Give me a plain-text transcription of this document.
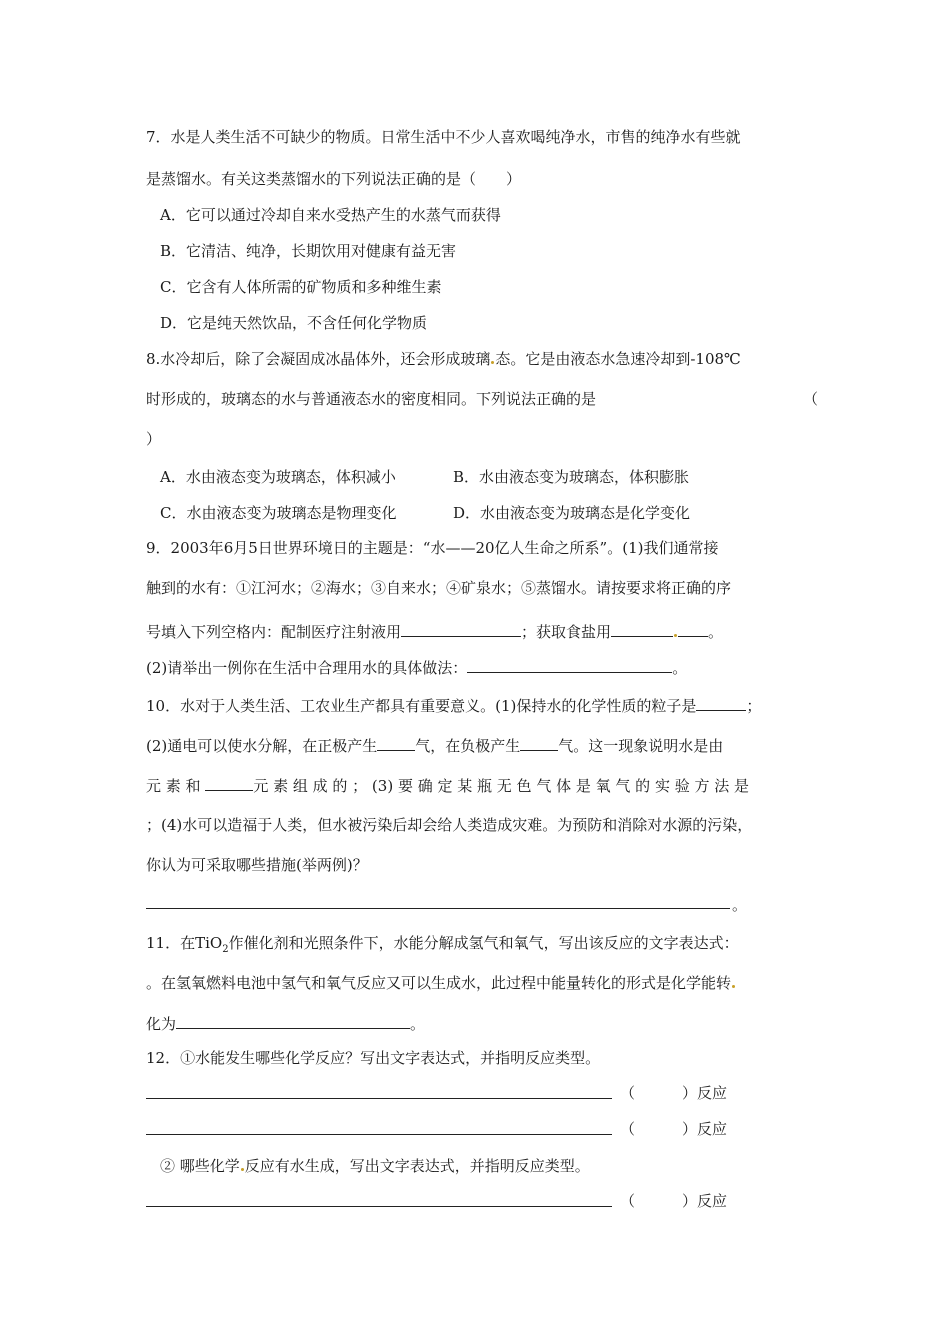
7．水是人类生活不可缺少的物质。日常生活中不少人喜欢喝纯净水，市售的纯净水有些就
是蒸馏水。有关这类蒸馏水的下列说法正确的是（　　）
A．它可以通过冷却自来水受热产生的水蒸气而获得
B．它清洁、纯净，长期饮用对健康有益无害
C．它含有人体所需的矿物质和多种维生素
D．它是纯天然饮品，不含任何化学物质
8.水冷却后，除了会凝固成冰晶体外，还会形成玻璃 态。它是由液态水急速冷却到-108℃
时形成的，玻璃态的水与普通液态水的密度相同。下列说法正确的是	（
）
A．水由液态变为玻璃态，体积减小	B．水由液态变为玻璃态，体积膨胀
C．水由液态变为玻璃态是物理变化	D．水由液态变为玻璃态是化学变化
9．2003年6月5日世界环境日的主题是：“水——20亿人生命之所系”。(1)我们通常接
触到的水有：①江河水；②海水；③自来水；④矿泉水；⑤蒸馏水。请按要求将正确的序
号填入下列空格内：配制医疗注射液用	；获取食盐用	。
(2)请举出一例你在生活中合理用水的具体做法：	。
10．水对于人类生活、工农业生产都具有重要意义。(1)保持水的化学性质的粒子是	；
(2)通电可以使水分解，在正极产生	气，在负极产生	气。这一现象说明水是由
元 素 和	元 素 组 成 的 ； (3) 要 确 定 某 瓶 无 色 气 体 是 氧 气 的 实 验 方 法 是
；(4)水可以造福于人类，但水被污染后却会给人类造成灾难。为预防和消除对水源的污染，
你认为可采取哪些措施(举两例)？
。
11．在TiO$_2$作催化剂和光照条件下，水能分解成氢气和氧气，写出该反应的文字表达式：
。在氢氧燃料电池中氢气和氧气反应又可以生成水，此过程中能量转化的形式是化学能转
化为	。
12．①水能发生哪些化学反应？写出文字表达式，并指明反应类型。
（	）反应
（	）反应
② 哪些化学 反应有水生成，写出文字表达式，并指明反应类型。
（	）反应
